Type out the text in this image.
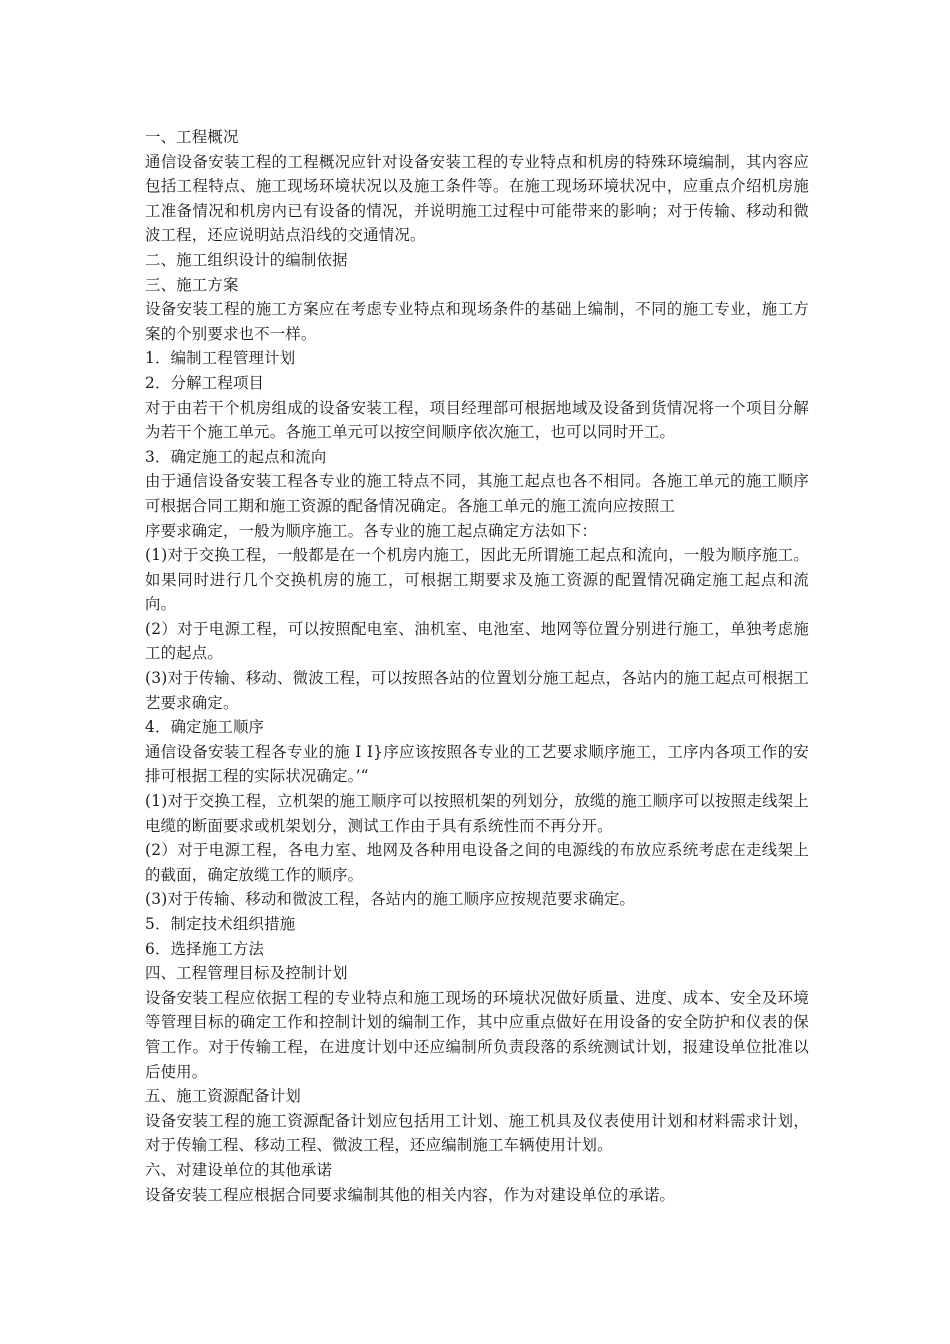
一、工程概况

通信设备安装工程的工程概况应针对设备安装工程的专业特点和机房的特殊环境编制，其内容应包括工程特点、施工现场环境状况以及施工条件等。在施工现场环境状况中，应重点介绍机房施工准备情况和机房内已有设备的情况，并说明施工过程中可能带来的影响；对于传输、移动和微波工程，还应说明站点沿线的交通情况。

二、施工组织设计的编制依据

三、施工方案

设备安装工程的施工方案应在考虑专业特点和现场条件的基础上编制，不同的施工专业，施工方案的个别要求也不一样。

1．编制工程管理计划

2．分解工程项目

对于由若干个机房组成的设备安装工程，项目经理部可根据地域及设备到货情况将一个项目分解为若干个施工单元。各施工单元可以按空间顺序依次施工，也可以同时开工。

3．确定施工的起点和流向

由于通信设备安装工程各专业的施工特点不同，其施工起点也各不相同。各施工单元的施工顺序可根据合同工期和施工资源的配备情况确定。各施工单元的施工流向应按照工

序要求确定，一般为顺序施工。各专业的施工起点确定方法如下：

(1)对于交换工程，一般都是在一个机房内施工，因此无所谓施工起点和流向，一般为顺序施工。如果同时进行几个交换机房的施工，可根据工期要求及施工资源的配置情况确定施工起点和流向。

(2）对于电源工程，可以按照配电室、油机室、电池室、地网等位置分别进行施工，单独考虑施工的起点。

(3)对于传输、移动、微波工程，可以按照各站的位置划分施工起点，各站内的施工起点可根据工艺要求确定。

4．确定施工顺序

通信设备安装工程各专业的施 I I}序应该按照各专业的工艺要求顺序施工，工序内各项工作的安排可根据工程的实际状况确定。’“

(1)对于交换工程，立机架的施工顺序可以按照机架的列划分，放缆的施工顺序可以按照走线架上电缆的断面要求或机架划分，测试工作由于具有系统性而不再分开。

(2）对于电源工程，各电力室、地网及各种用电设备之间的电源线的布放应系统考虑在走线架上的截面，确定放缆工作的顺序。

(3)对于传输、移动和微波工程，各站内的施工顺序应按规范要求确定。

5．制定技术组织措施

6．选择施工方法

四、工程管理目标及控制计划

设备安装工程应依据工程的专业特点和施工现场的环境状况做好质量、进度、成本、安全及环境等管理目标的确定工作和控制计划的编制工作，其中应重点做好在用设备的安全防护和仪表的保管工作。对于传输工程，在进度计划中还应编制所负责段落的系统测试计划，报建设单位批准以后使用。

五、施工资源配备计划

设备安装工程的施工资源配备计划应包括用工计划、施工机具及仪表使用计划和材料需求计划，对于传输工程、移动工程、微波工程，还应编制施工车辆使用计划。

六、对建设单位的其他承诺

设备安装工程应根据合同要求编制其他的相关内容，作为对建设单位的承诺。
